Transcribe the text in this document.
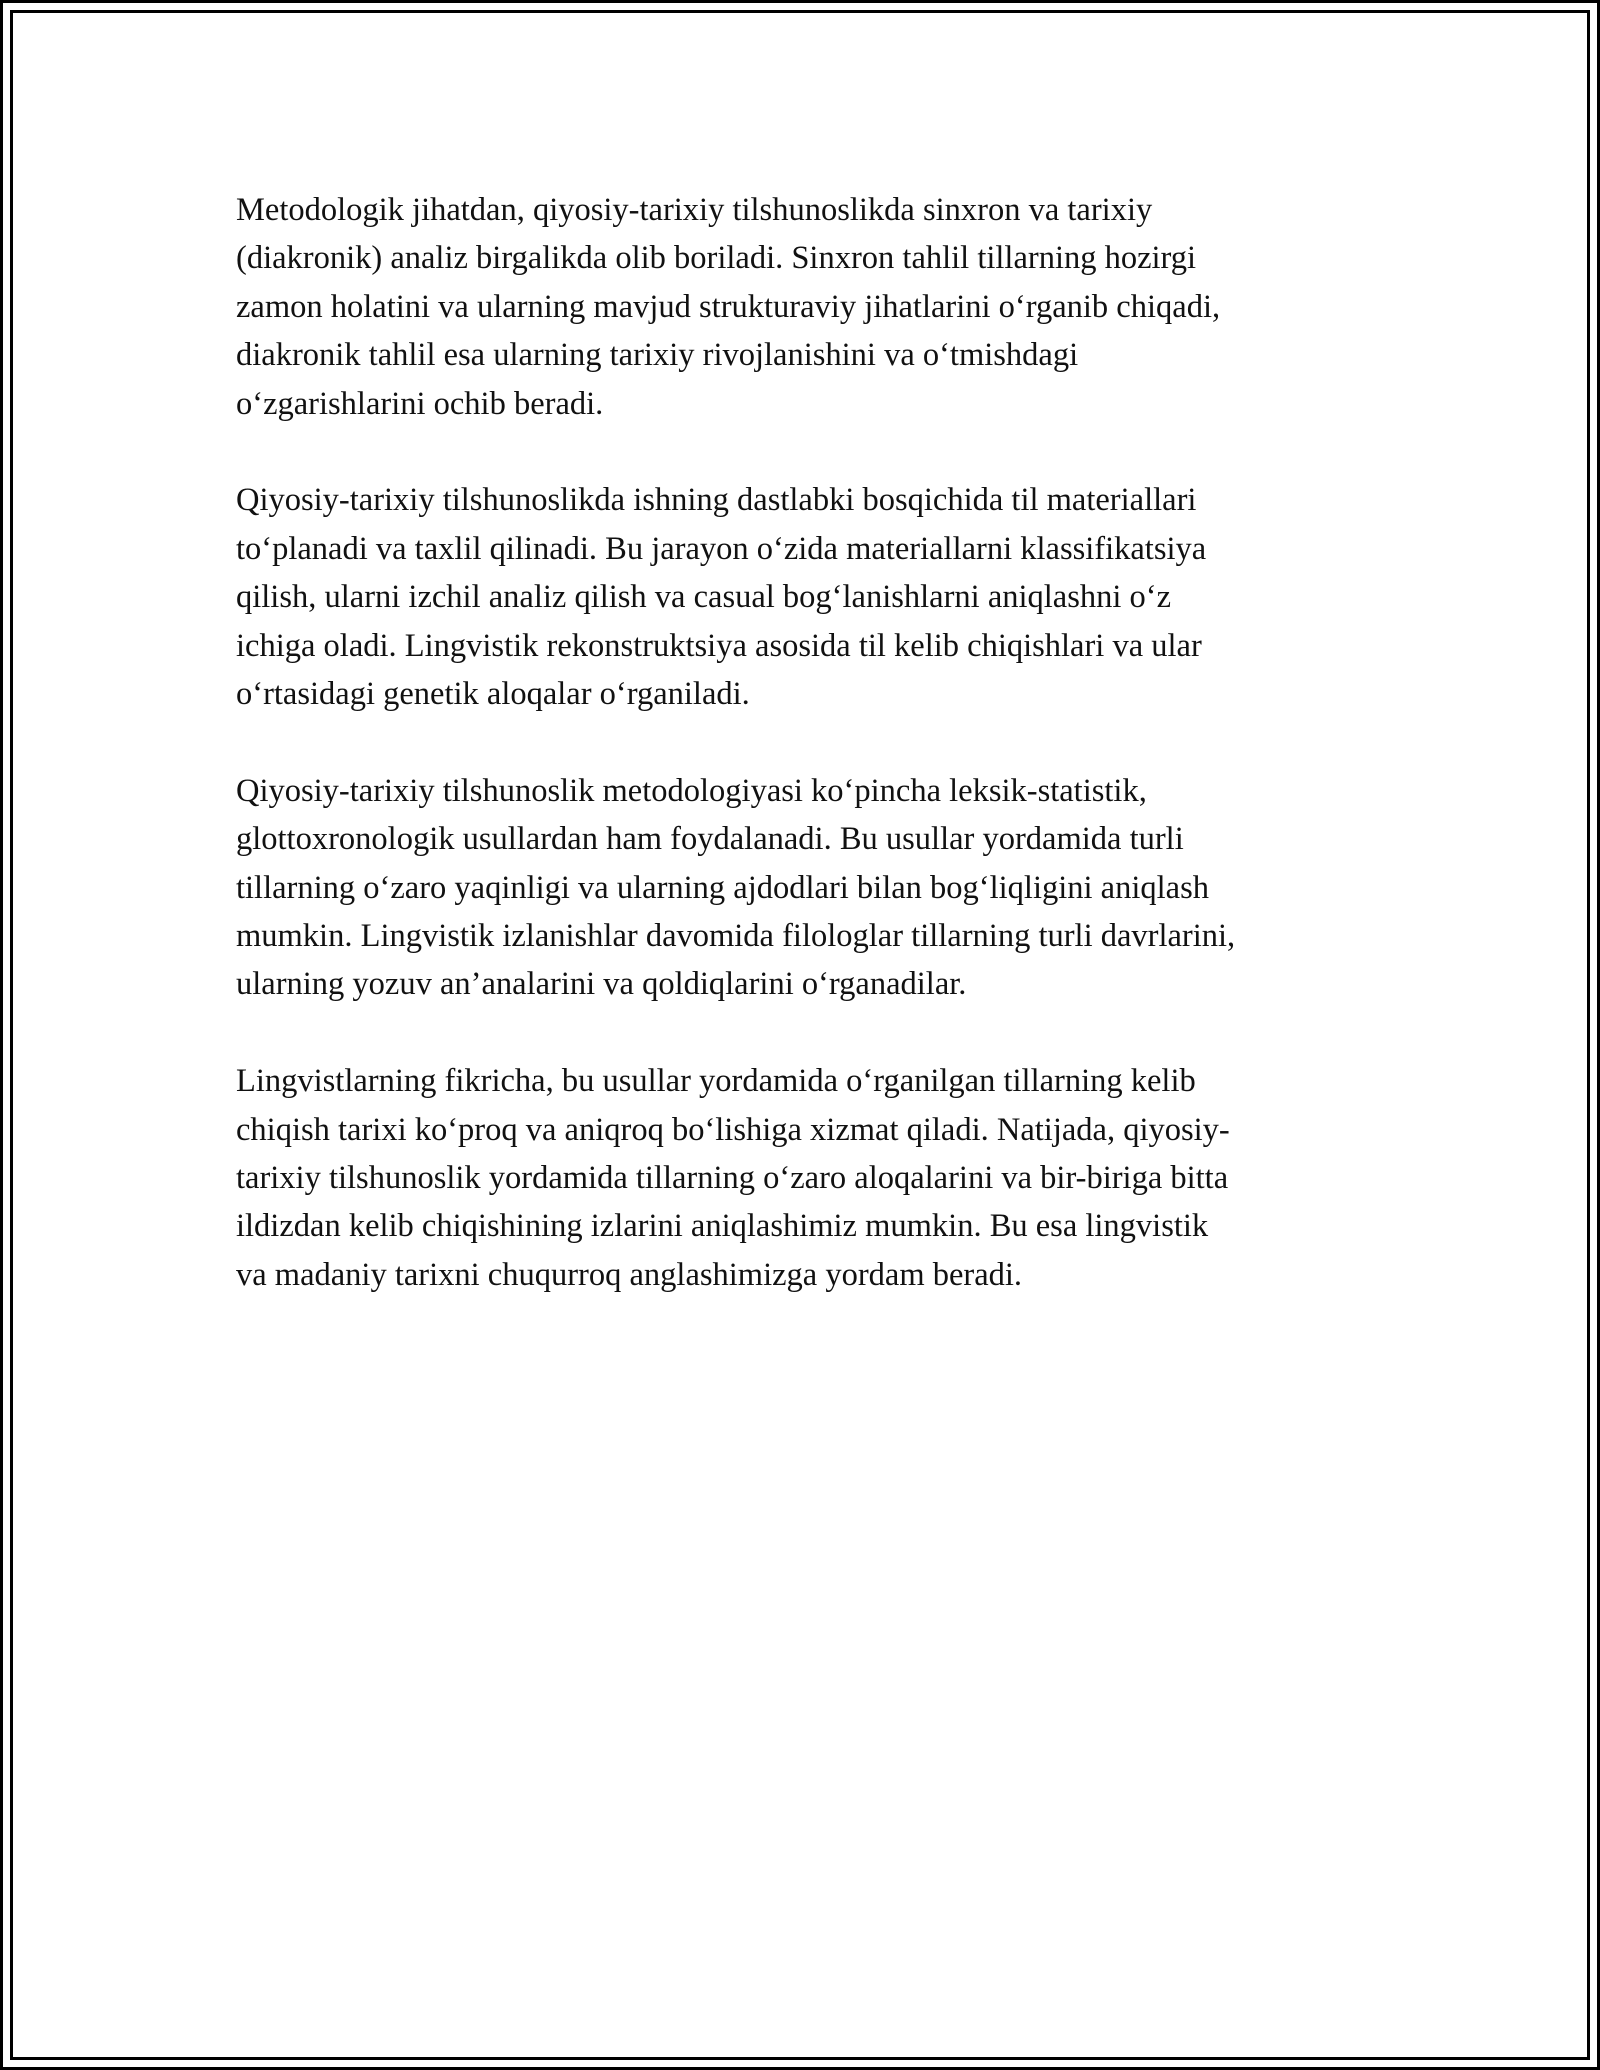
Metodologik jihatdan, qiyosiy-tarixiy tilshunoslikda sinxron va tarixiy
(diakronik) analiz birgalikda olib boriladi. Sinxron tahlil tillarning hozirgi
zamon holatini va ularning mavjud strukturaviy jihatlarini o‘rganib chiqadi,
diakronik tahlil esa ularning tarixiy rivojlanishini va o‘tmishdagi
o‘zgarishlarini ochib beradi.

Qiyosiy-tarixiy tilshunoslikda ishning dastlabki bosqichida til materiallari
to‘planadi va taxlil qilinadi. Bu jarayon o‘zida materiallarni klassifikatsiya
qilish, ularni izchil analiz qilish va casual bog‘lanishlarni aniqlashni o‘z
ichiga oladi. Lingvistik rekonstruktsiya asosida til kelib chiqishlari va ular
o‘rtasidagi genetik aloqalar o‘rganiladi.

Qiyosiy-tarixiy tilshunoslik metodologiyasi ko‘pincha leksik-statistik,
glottoxronologik usullardan ham foydalanadi. Bu usullar yordamida turli
tillarning o‘zaro yaqinligi va ularning ajdodlari bilan bog‘liqligini aniqlash
mumkin. Lingvistik izlanishlar davomida filologlar tillarning turli davrlarini,
ularning yozuv an’analarini va qoldiqlarini o‘rganadilar.

Lingvistlarning fikricha, bu usullar yordamida o‘rganilgan tillarning kelib
chiqish tarixi ko‘proq va aniqroq bo‘lishiga xizmat qiladi. Natijada, qiyosiy-
tarixiy tilshunoslik yordamida tillarning o‘zaro aloqalarini va bir-biriga bitta
ildizdan kelib chiqishining izlarini aniqlashimiz mumkin. Bu esa lingvistik
va madaniy tarixni chuqurroq anglashimizga yordam beradi.
